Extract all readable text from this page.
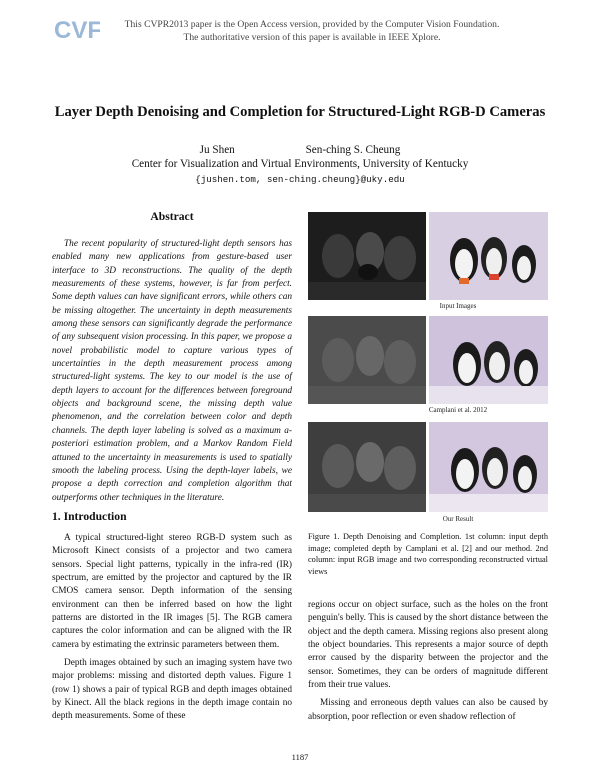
CVF	This CVPR2013 paper is the Open Access version, provided by the Computer Vision Foundation.
The authoritative version of this paper is available in IEEE Xplore.
Layer Depth Denoising and Completion for Structured-Light RGB-D Cameras
Ju Shen	Sen-ching S. Cheung
Center for Visualization and Virtual Environments, University of Kentucky
{jushen.tom, sen-ching.cheung}@uky.edu
Abstract
The recent popularity of structured-light depth sensors has enabled many new applications from gesture-based user interface to 3D reconstructions. The quality of the depth measurements of these systems, however, is far from perfect. Some depth values can have significant errors, while others can be missing altogether. The uncertainty in depth measurements among these sensors can significantly degrade the performance of any subsequent vision processing. In this paper, we propose a novel probabilistic model to capture various types of uncertainties in the depth measurement process among structured-light systems. The key to our model is the use of depth layers to account for the differences between foreground objects and background scene, the missing depth value phenomenon, and the correlation between color and depth channels. The depth layer labeling is solved as a maximum a-posteriori estimation problem, and a Markov Random Field attuned to the uncertainty in measurements is used to spatially smooth the labeling process. Using the depth-layer labels, we propose a depth correction and completion algorithm that outperforms other techniques in the literature.
1. Introduction

A typical structured-light stereo RGB-D system such as Microsoft Kinect consists of a projector and two camera sensors. Special light patterns, typically in the infra-red (IR) spectrum, are emitted by the projector and captured by the IR CMOS camera sensor. Depth information of the sensing environment can then be inferred based on how the light patterns are distorted in the IR images [5]. The RGB camera captures the color information and can be aligned with the IR camera by estimating the extrinsic parameters between them.

Depth images obtained by such an imaging system have two major problems: missing and distorted depth values. Figure 1 (row 1) shows a pair of typical RGB and depth images obtained by Kinect. All the black regions in the depth image contain no depth measurements. Some of these

Input Images
Camplani et al. 2012
Our Result
Figure 1. Depth Denoising and Completion. 1st column: input depth image; completed depth by Camplani et al. [2] and our method. 2nd column: input RGB image and two corresponding reconstructed virtual views

regions occur on object surface, such as the holes on the front penguin's belly. This is caused by the short distance between the object and the depth camera. Missing regions also present along the object boundaries. This represents a major source of depth error caused by the disparity between the projector and the sensor. Sometimes, they can be orders of magnitude different from their true values.

Missing and erroneous depth values can also be caused by absorption, poor reflection or even shadow reflection of

1187
